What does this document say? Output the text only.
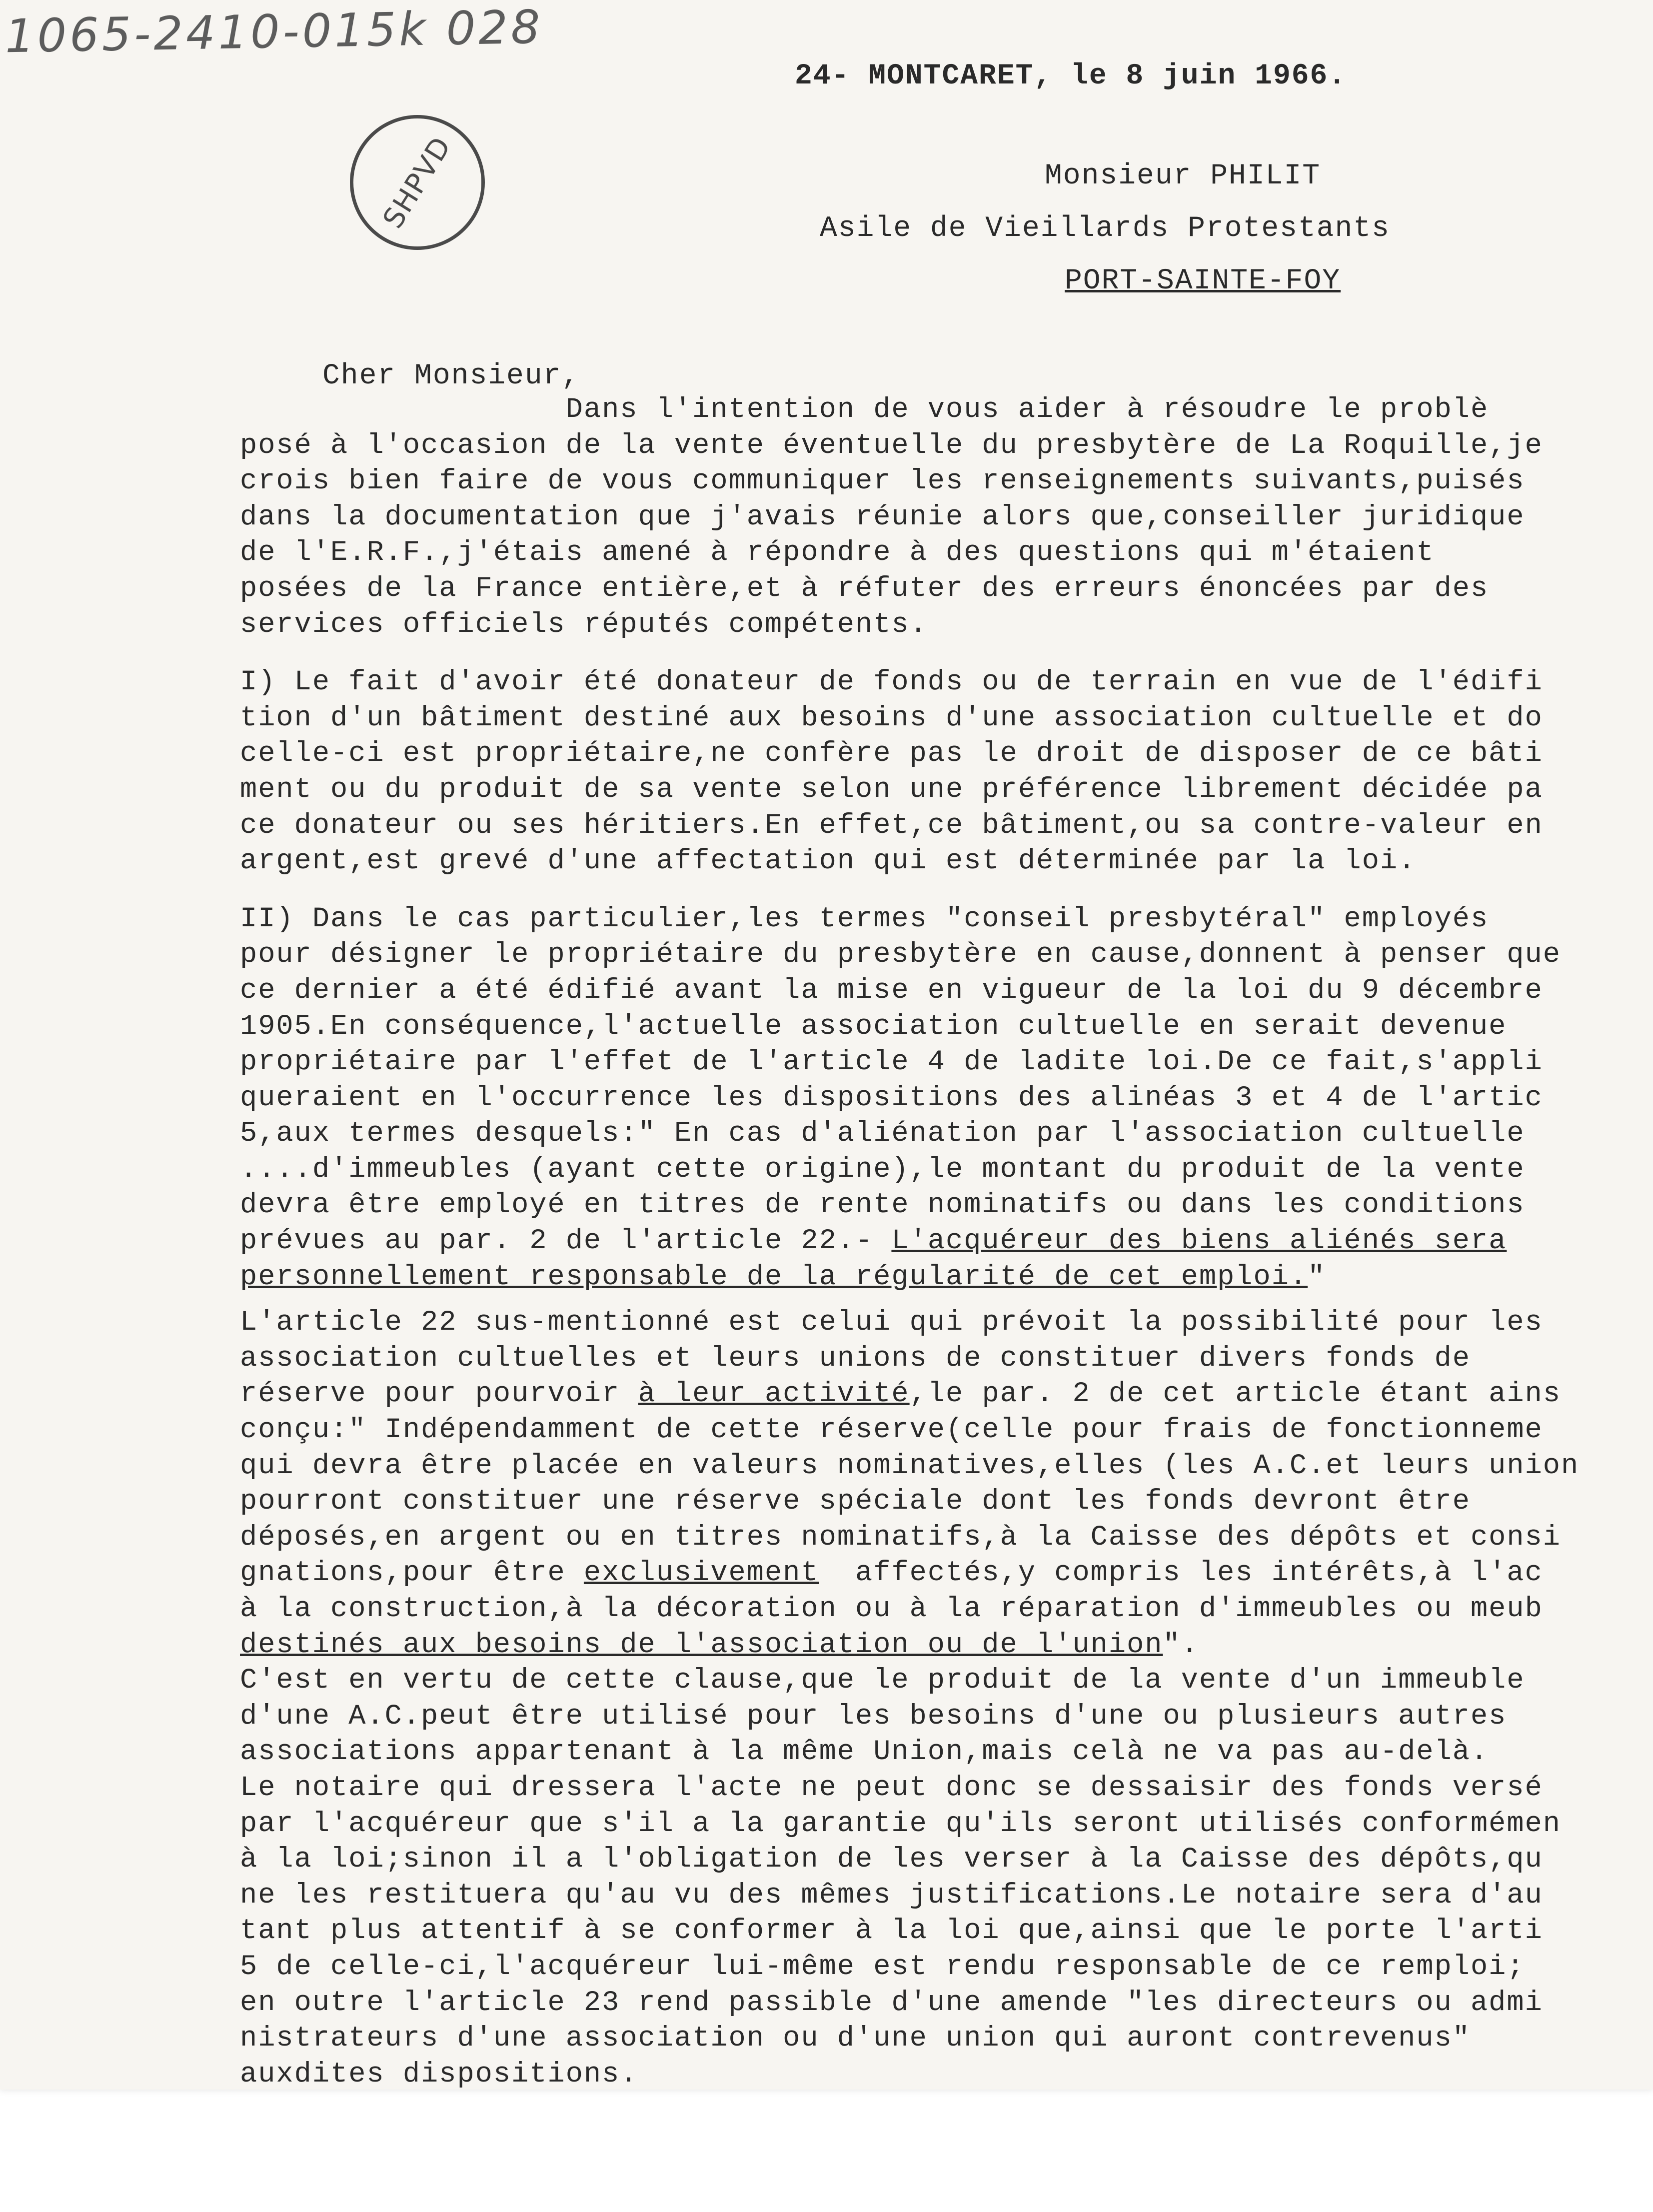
1065-2410-015k 028
SHPVD
24- MONTCARET, le 8 juin 1966.
Monsieur PHILIT
Asile de Vieillards Protestants
PORT-SAINTE-FOY
Cher Monsieur,
Dans l'intention de vous aider à résoudre le problè
posé à l'occasion de la vente éventuelle du presbytère de La Roquille,je
crois bien faire de vous communiquer les renseignements suivants,puisés
dans la documentation que j'avais réunie alors que,conseiller juridique
de l'E.R.F.,j'étais amené à répondre à des questions qui m'étaient
posées de la France entière,et à réfuter des erreurs énoncées par des
services officiels réputés compétents.
I) Le fait d'avoir été donateur de fonds ou de terrain en vue de l'édifi
tion d'un bâtiment destiné aux besoins d'une association cultuelle et do
celle-ci est propriétaire,ne confère pas le droit de disposer de ce bâti
ment ou du produit de sa vente selon une préférence librement décidée pa
ce donateur ou ses héritiers.En effet,ce bâtiment,ou sa contre-valeur en
argent,est grevé d'une affectation qui est déterminée par la loi.
II) Dans le cas particulier,les termes "conseil presbytéral" employés
pour désigner le propriétaire du presbytère en cause,donnent à penser que
ce dernier a été édifié avant la mise en vigueur de la loi du 9 décembre
1905.En conséquence,l'actuelle association cultuelle en serait devenue
propriétaire par l'effet de l'article 4 de ladite loi.De ce fait,s'appli
queraient en l'occurrence les dispositions des alinéas 3 et 4 de l'artic
5,aux termes desquels:" En cas d'aliénation par l'association cultuelle
....d'immeubles (ayant cette origine),le montant du produit de la vente
devra être employé en titres de rente nominatifs ou dans les conditions
prévues au par. 2 de l'article 22.- L'acquéreur des biens aliénés sera
personnellement responsable de la régularité de cet emploi."
L'article 22 sus-mentionné est celui qui prévoit la possibilité pour les
association cultuelles et leurs unions de constituer divers fonds de
réserve pour pourvoir à leur activité,le par. 2 de cet article étant ains
conçu:" Indépendamment de cette réserve(celle pour frais de fonctionneme
qui devra être placée en valeurs nominatives,elles (les A.C.et leurs union
pourront constituer une réserve spéciale dont les fonds devront être
déposés,en argent ou en titres nominatifs,à la Caisse des dépôts et consi
gnations,pour être exclusivement  affectés,y compris les intérêts,à l'ac
à la construction,à la décoration ou à la réparation d'immeubles ou meub
destinés aux besoins de l'association ou de l'union".
C'est en vertu de cette clause,que le produit de la vente d'un immeuble
d'une A.C.peut être utilisé pour les besoins d'une ou plusieurs autres
associations appartenant à la même Union,mais celà ne va pas au-delà.
Le notaire qui dressera l'acte ne peut donc se dessaisir des fonds versé
par l'acquéreur que s'il a la garantie qu'ils seront utilisés conformémen
à la loi;sinon il a l'obligation de les verser à la Caisse des dépôts,qu
ne les restituera qu'au vu des mêmes justifications.Le notaire sera d'au
tant plus attentif à se conformer à la loi que,ainsi que le porte l'arti
5 de celle-ci,l'acquéreur lui-même est rendu responsable de ce remploi;
en outre l'article 23 rend passible d'une amende "les directeurs ou admi
nistrateurs d'une association ou d'une union qui auront contrevenus"
auxdites dispositions.
